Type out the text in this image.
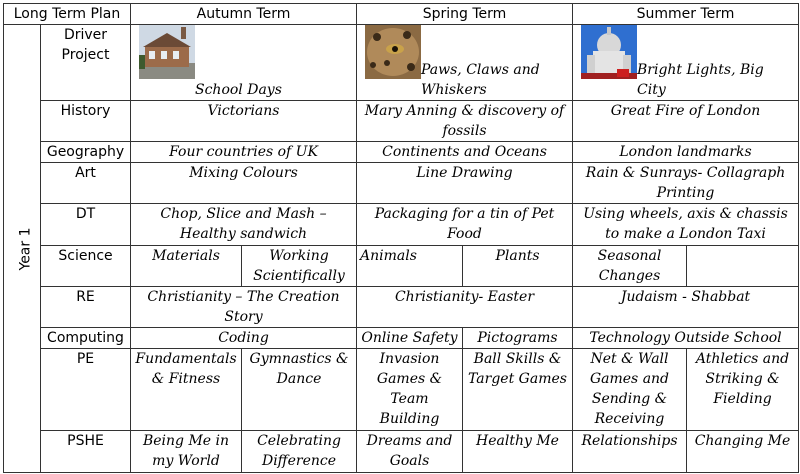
Long Term Plan		Autumn Term		Spring Term		Summer Term	
Year 1	Driver Project	School Days		Paws, Claws and Whiskers		Bright Lights, Big City	

	History	Victorians		Mary Anning & discovery of fossils		Great Fire of London	
	Geography	Four countries of UK		Continents and Oceans		London landmarks	
	Art	Mixing Colours		Line Drawing		Rain & Sunrays- Collagraph Printing	
	DT	Chop, Slice and Mash – Healthy sandwich		Packaging for a tin of Pet Food		Using wheels, axis & chassis to make a London Taxi	
	Science	Materials	Working Scientifically	Animals	Plants	Seasonal Changes	
	RE	Christianity – The Creation Story		Christianity- Easter		Judaism - Shabbat	
	Computing	Coding		Online Safety	Pictograms	Technology Outside School	
	PE	Fundamentals & Fitness	Gymnastics & Dance	Invasion Games & Team Building	Ball Skills & Target Games	Net & Wall Games and Sending & Receiving	Athletics and Striking & Fielding
	PSHE	Being Me in my World	Celebrating Difference	Dreams and Goals	Healthy Me	Relationships	Changing Me
